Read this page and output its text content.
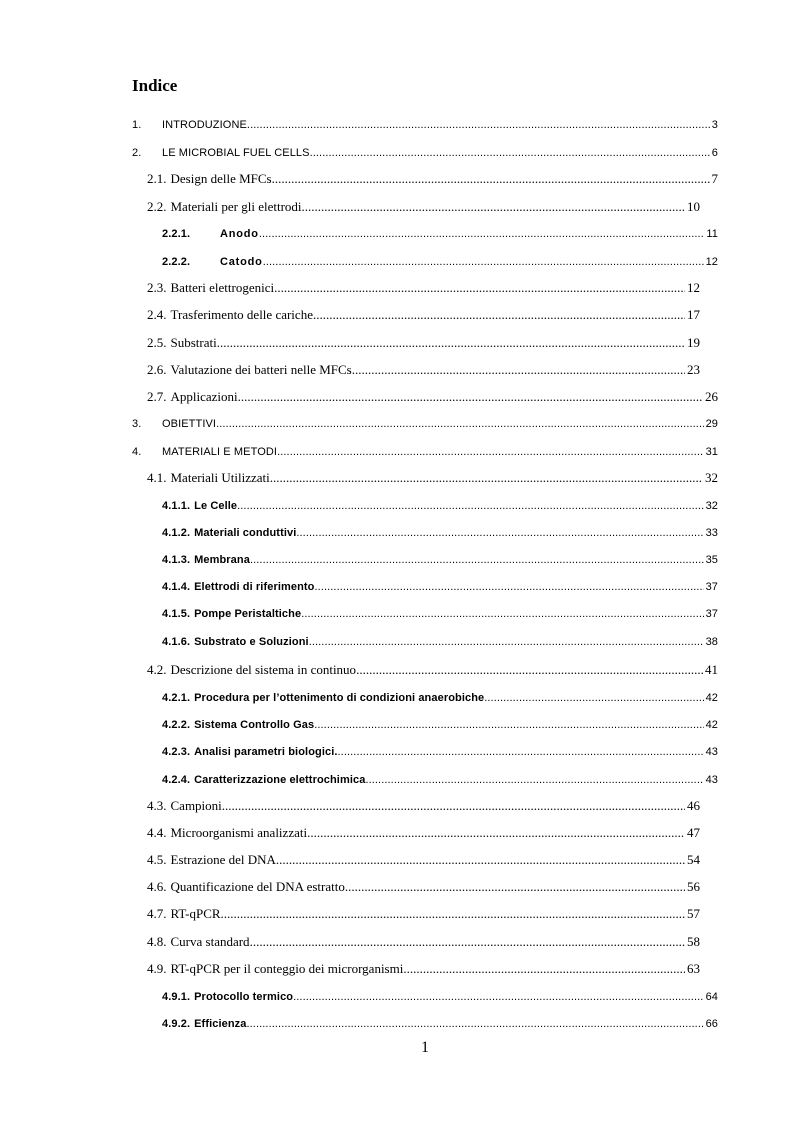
Indice
1. INTRODUZIONE .....	3
2. LE MICROBIAL FUEL CELLS .....	6
2.1. Design delle MFCs .....	7
2.2. Materiali per gli elettrodi .....	10
2.2.1.	Anodo .....	11
2.2.2.	Catodo .....	12
2.3. Batteri elettrogenici .....	12
2.4. Trasferimento delle cariche .....	17
2.5. Substrati .....	19
2.6. Valutazione dei batteri nelle MFCs .....	23
2.7. Applicazioni .....	26
3. OBIETTIVI .....	29
4. MATERIALI E METODI .....	31
4.1. Materiali Utilizzati .....	32
4.1.1. Le Celle .....	32
4.1.2. Materiali conduttivi .....	33
4.1.3. Membrana .....	35
4.1.4. Elettrodi di riferimento .....	37
4.1.5. Pompe Peristaltiche .....	37
4.1.6. Substrato e Soluzioni .....	38
4.2. Descrizione del sistema in continuo .....	41
4.2.1. Procedura per l’ottenimento di condizioni anaerobiche .....	42
4.2.2. Sistema Controllo Gas .....	42
4.2.3. Analisi parametri biologici. .....	43
4.2.4. Caratterizzazione elettrochimica .....	43
4.3. Campioni .....	46
4.4. Microorganismi analizzati .....	47
4.5. Estrazione del DNA .....	54
4.6. Quantificazione del DNA estratto .....	56
4.7. RT-qPCR .....	57
4.8. Curva standard .....	58
4.9. RT-qPCR per il conteggio dei microrganismi .....	63
4.9.1. Protocollo termico .....	64
4.9.2. Efficienza .....	66
1
